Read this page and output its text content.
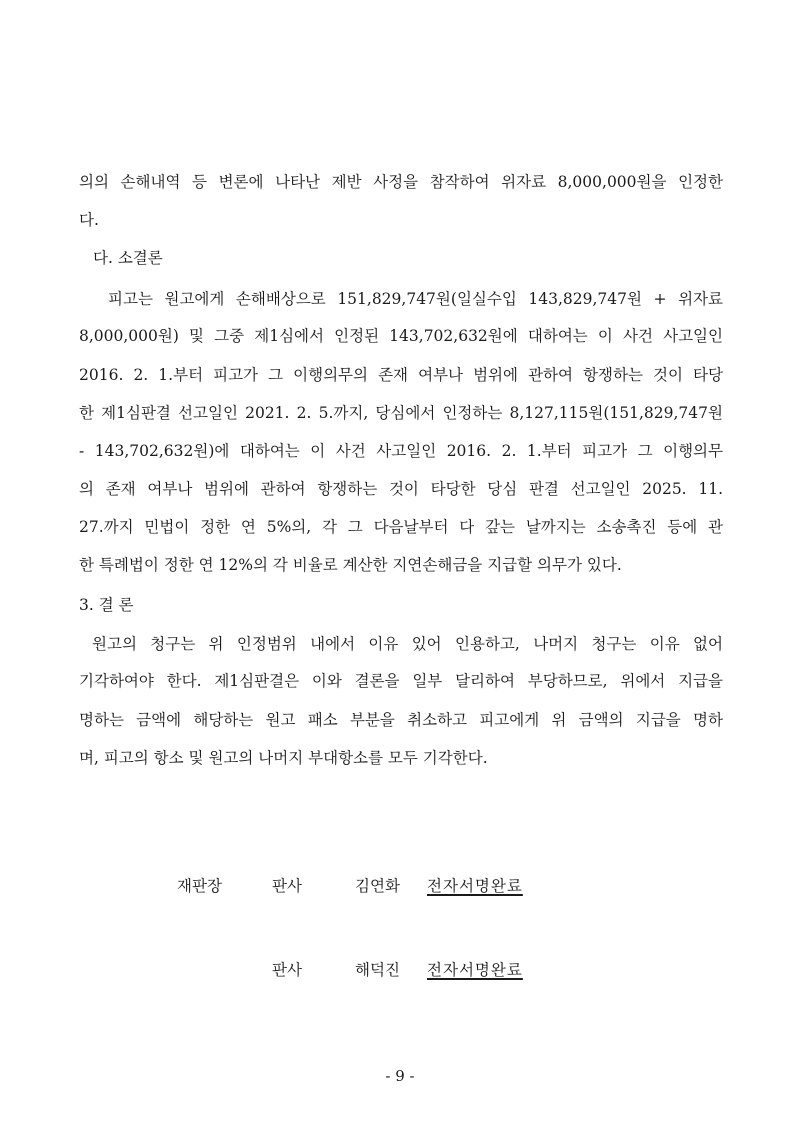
의의 손해내역 등 변론에 나타난 제반 사정을 참작하여 위자료 8,000,000원을 인정한
다.
다. 소결론
피고는 원고에게 손해배상으로 151,829,747원(일실수입 143,829,747원 + 위자료
8,000,000원) 및 그중 제1심에서 인정된 143,702,632원에 대하여는 이 사건 사고일인
2016. 2. 1.부터 피고가 그 이행의무의 존재 여부나 범위에 관하여 항쟁하는 것이 타당
한 제1심판결 선고일인 2021. 2. 5.까지, 당심에서 인정하는 8,127,115원(151,829,747원
- 143,702,632원)에 대하여는 이 사건 사고일인 2016. 2. 1.부터 피고가 그 이행의무
의 존재 여부나 범위에 관하여 항쟁하는 것이 타당한 당심 판결 선고일인 2025. 11.
27.까지 민법이 정한 연 5%의, 각 그 다음날부터 다 갚는 날까지는 소송촉진 등에 관
한 특례법이 정한 연 12%의 각 비율로 계산한 지연손해금을 지급할 의무가 있다.
3. 결 론
원고의 청구는 위 인정범위 내에서 이유 있어 인용하고, 나머지 청구는 이유 없어
기각하여야 한다. 제1심판결은 이와 결론을 일부 달리하여 부당하므로, 위에서 지급을
명하는 금액에 해당하는 원고 패소 부분을 취소하고 피고에게 위 금액의 지급을 명하
며, 피고의 항소 및 원고의 나머지 부대항소를 모두 기각한다.
재판장	판사	김연화 전자서명완료
판사	해덕진 전자서명완료
- 9 -
